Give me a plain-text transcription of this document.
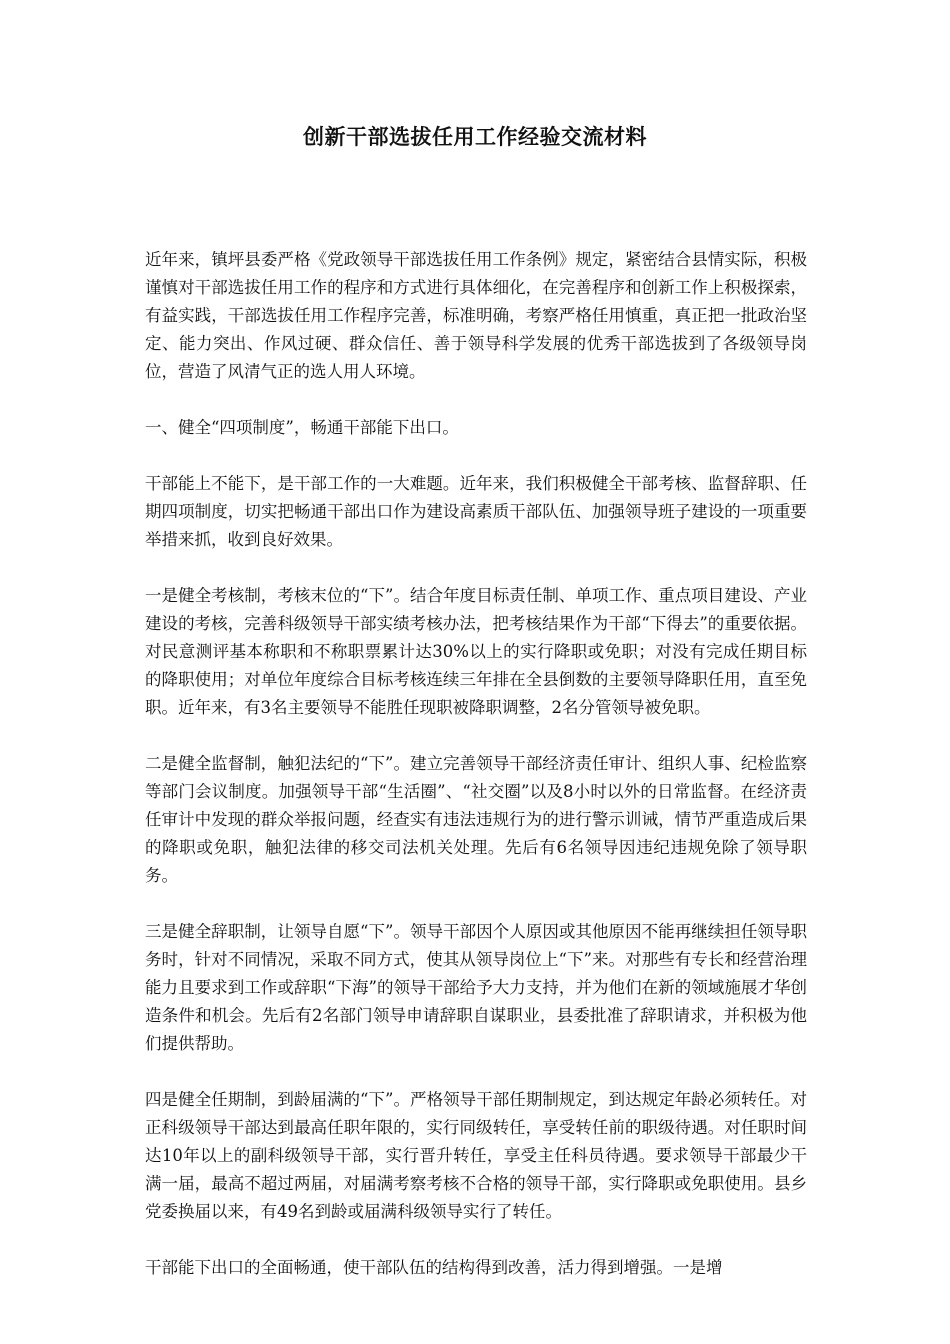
创新干部选拔任用工作经验交流材料

近年来，镇坪县委严格《党政领导干部选拔任用工作条例》规定，紧密结合县情实际，积极谨慎对干部选拔任用工作的程序和方式进行具体细化，在完善程序和创新工作上积极探索，有益实践，干部选拔任用工作程序完善，标准明确，考察严格任用慎重，真正把一批政治坚定、能力突出、作风过硬、群众信任、善于领导科学发展的优秀干部选拔到了各级领导岗位，营造了风清气正的选人用人环境。

一、健全“四项制度”，畅通干部能下出口。

干部能上不能下，是干部工作的一大难题。近年来，我们积极健全干部考核、监督辞职、任期四项制度，切实把畅通干部出口作为建设高素质干部队伍、加强领导班子建设的一项重要举措来抓，收到良好效果。

一是健全考核制，考核末位的“下”。结合年度目标责任制、单项工作、重点项目建设、产业建设的考核，完善科级领导干部实绩考核办法，把考核结果作为干部“下得去”的重要依据。对民意测评基本称职和不称职票累计达30%以上的实行降职或免职；对没有完成任期目标的降职使用；对单位年度综合目标考核连续三年排在全县倒数的主要领导降职任用，直至免职。近年来，有3名主要领导不能胜任现职被降职调整，2名分管领导被免职。

二是健全监督制，触犯法纪的“下”。建立完善领导干部经济责任审计、组织人事、纪检监察等部门会议制度。加强领导干部“生活圈”、“社交圈”以及8小时以外的日常监督。在经济责任审计中发现的群众举报问题，经查实有违法违规行为的进行警示训诫，情节严重造成后果的降职或免职，触犯法律的移交司法机关处理。先后有6名领导因违纪违规免除了领导职务。

三是健全辞职制，让领导自愿“下”。领导干部因个人原因或其他原因不能再继续担任领导职务时，针对不同情况，采取不同方式，使其从领导岗位上“下”来。对那些有专长和经营治理能力且要求到工作或辞职“下海”的领导干部给予大力支持，并为他们在新的领域施展才华创造条件和机会。先后有2名部门领导申请辞职自谋职业，县委批准了辞职请求，并积极为他们提供帮助。

四是健全任期制，到龄届满的“下”。严格领导干部任期制规定，到达规定年龄必须转任。对正科级领导干部达到最高任职年限的，实行同级转任，享受转任前的职级待遇。对任职时间达10年以上的副科级领导干部，实行晋升转任，享受主任科员待遇。要求领导干部最少干满一届，最高不超过两届，对届满考察考核不合格的领导干部，实行降职或免职使用。县乡党委换届以来，有49名到龄或届满科级领导实行了转任。

干部能下出口的全面畅通，使干部队伍的结构得到改善，活力得到增强。一是增
